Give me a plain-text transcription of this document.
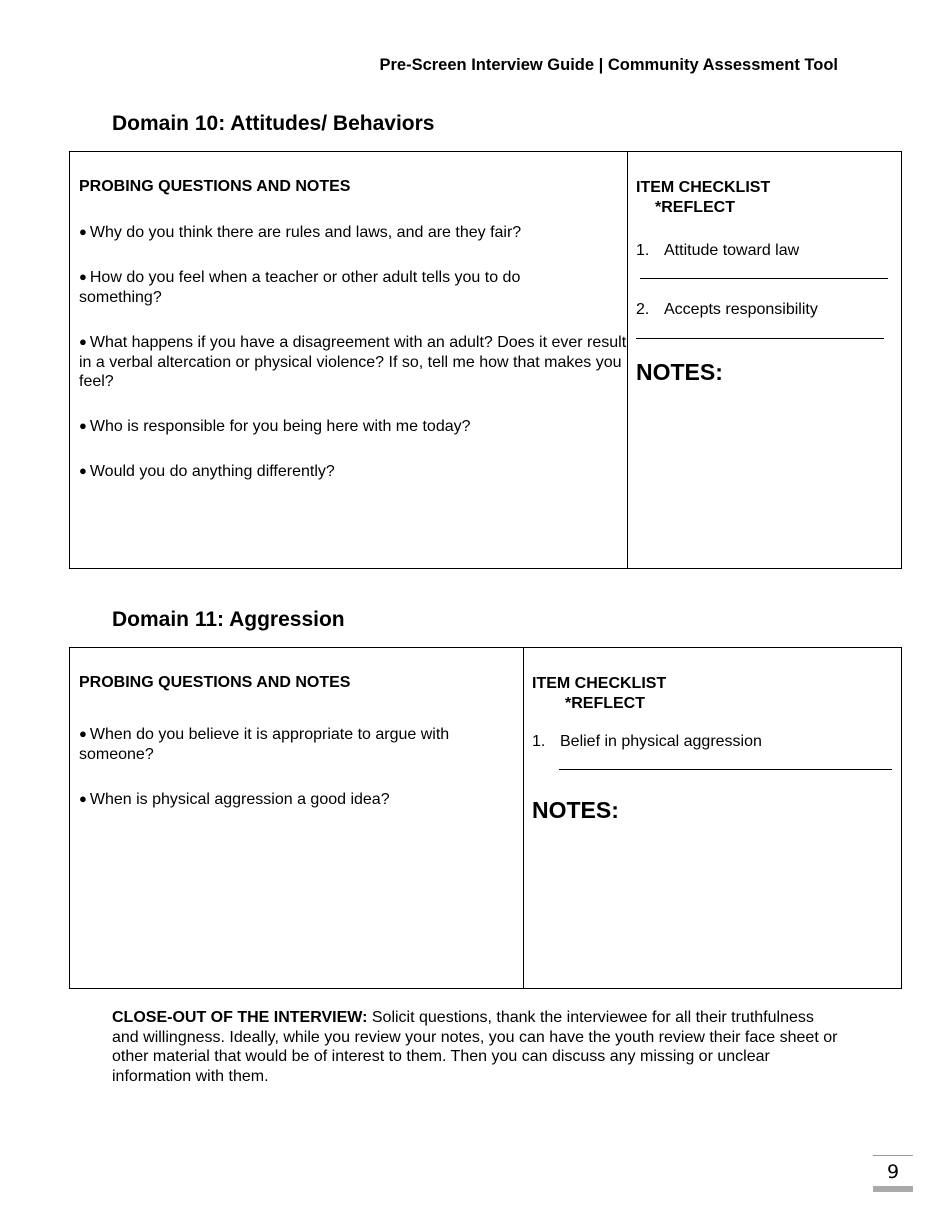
Pre-Screen Interview Guide | Community Assessment Tool
Domain 10: Attitudes/ Behaviors
PROBING QUESTIONS AND NOTES
● Why do you think there are rules and laws, and are they fair?
● How do you feel when a teacher or other adult tells you to do something?
● What happens if you have a disagreement with an adult? Does it ever result in a verbal altercation or physical violence? If so, tell me how that makes you feel?
● Who is responsible for you being here with me today?
● Would you do anything differently?
ITEM CHECKLIST
*REFLECT
1. Attitude toward law
2. Accepts responsibility
NOTES:
Domain 11: Aggression
PROBING QUESTIONS AND NOTES
● When do you believe it is appropriate to argue with someone?
● When is physical aggression a good idea?
ITEM CHECKLIST
*REFLECT
1. Belief in physical aggression
NOTES:
CLOSE-OUT OF THE INTERVIEW: Solicit questions, thank the interviewee for all their truthfulness and willingness. Ideally, while you review your notes, you can have the youth review their face sheet or other material that would be of interest to them. Then you can discuss any missing or unclear information with them.
9
